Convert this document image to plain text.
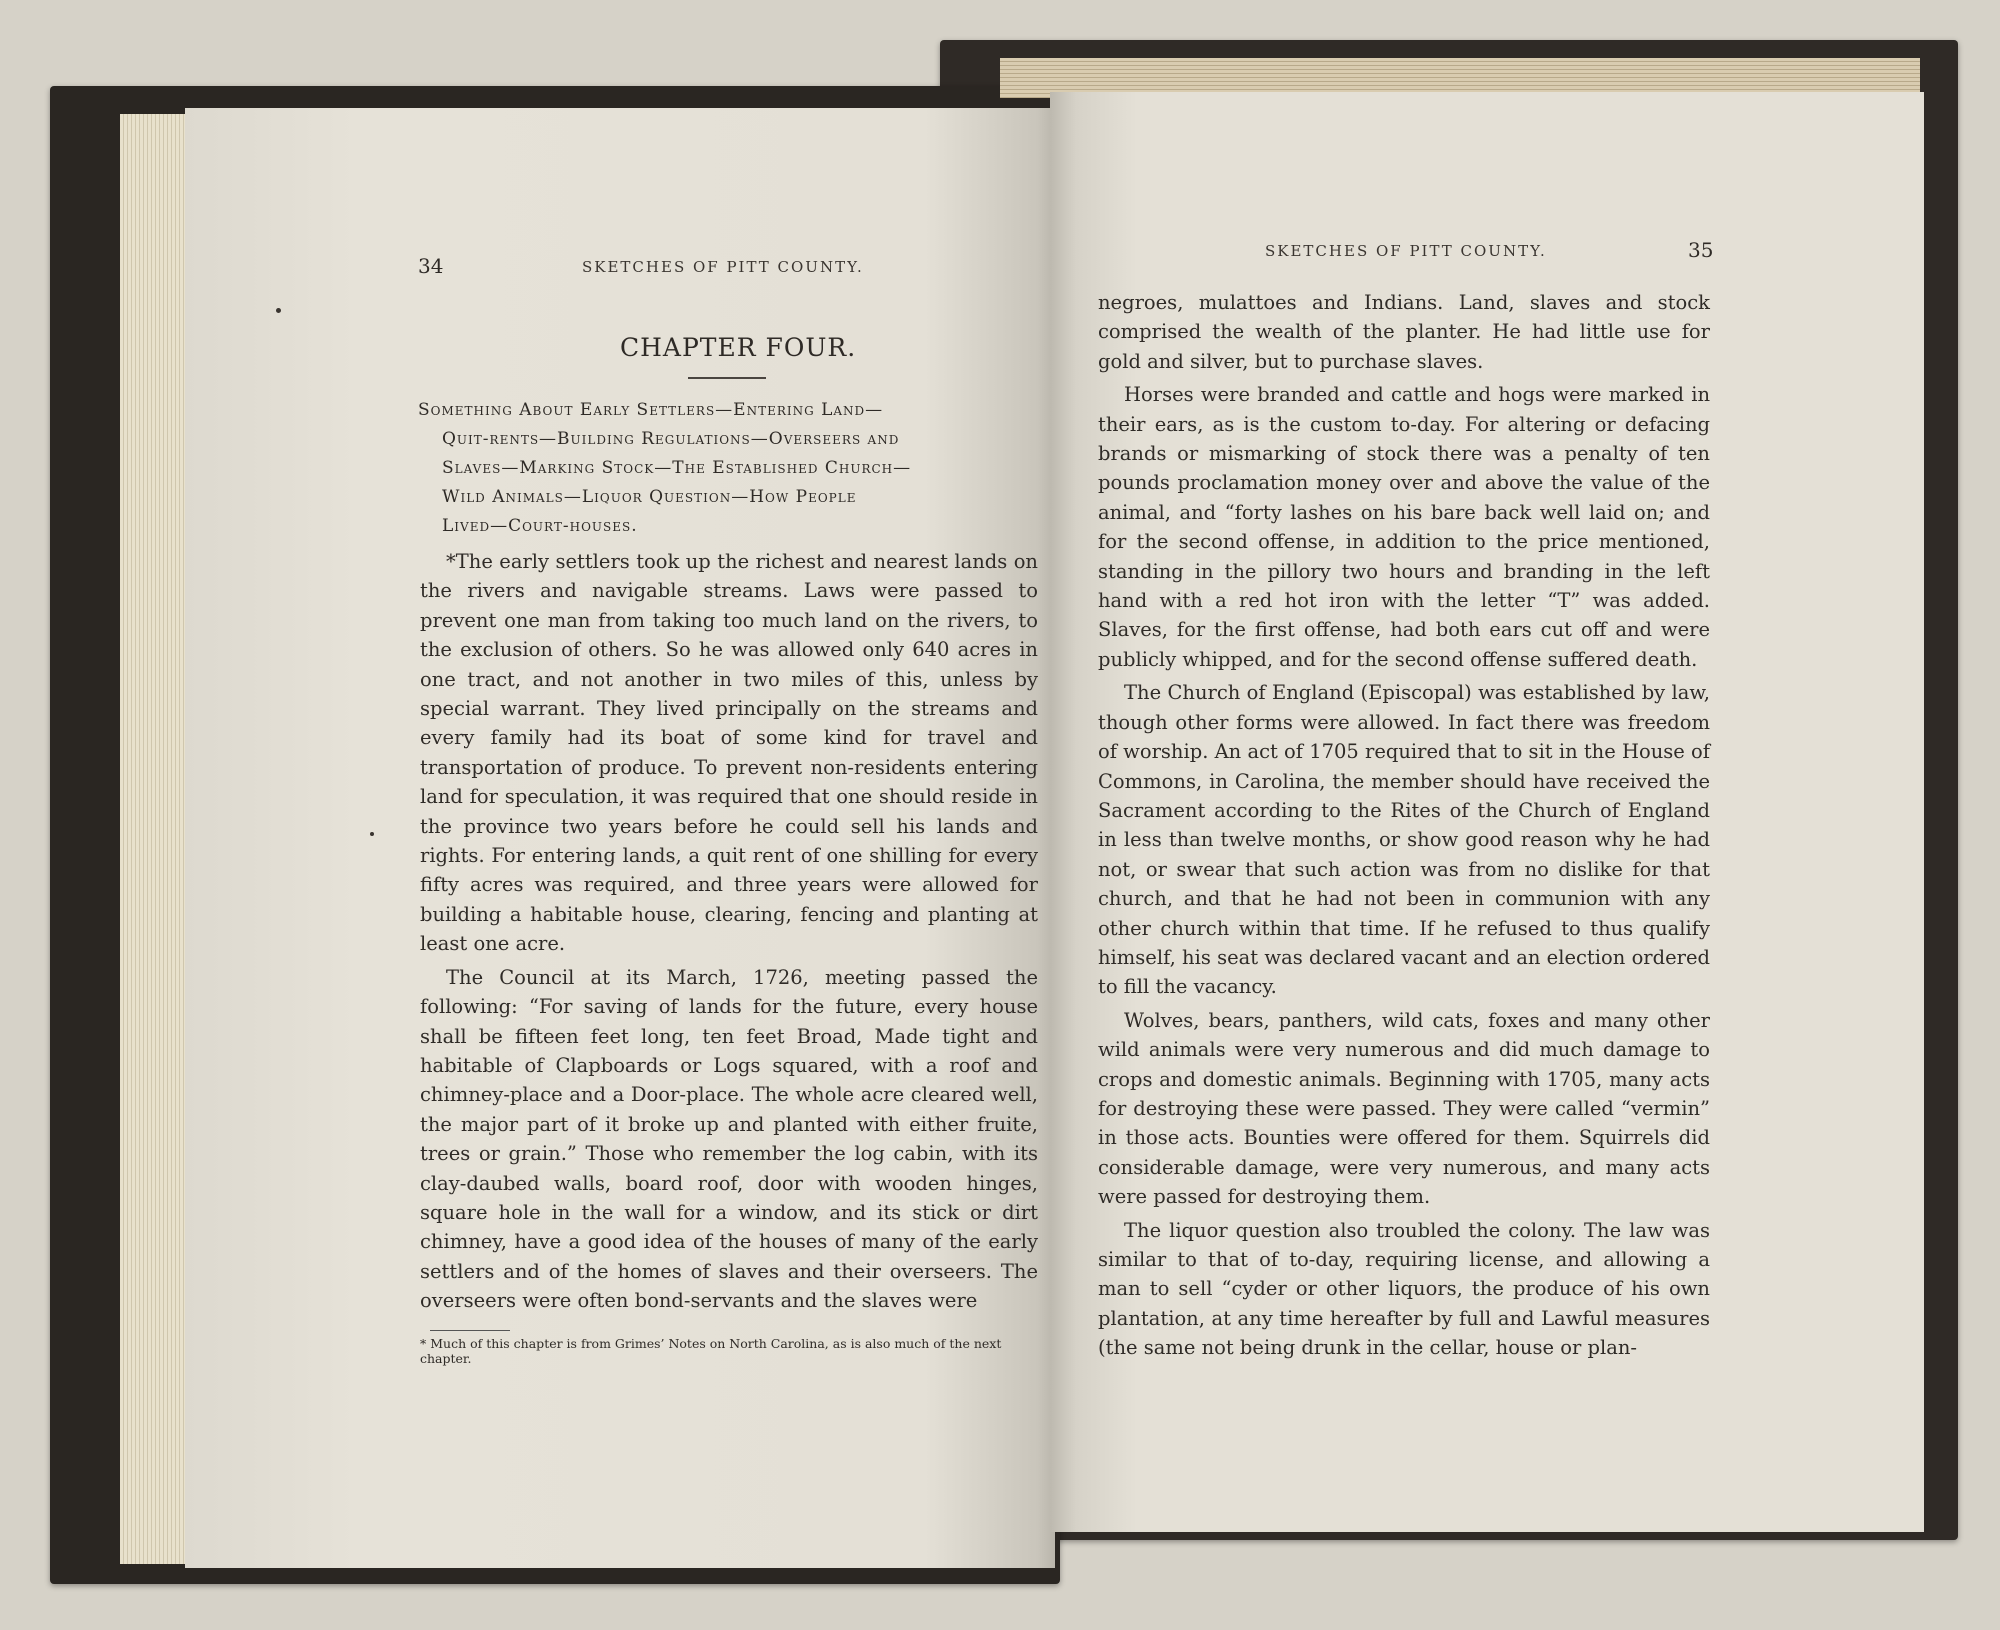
34	SKETCHES OF PITT COUNTY.
CHAPTER FOUR.
Something About Early Settlers—Entering Land—
Quit-rents—Building Regulations—Overseers and
Slaves—Marking Stock—The Established Church—
Wild Animals—Liquor Question—How People
Lived—Court-houses.

*The early settlers took up the richest and nearest lands on the rivers and navigable streams. Laws were passed to prevent one man from taking too much land on the rivers, to the exclusion of others. So he was allowed only 640 acres in one tract, and not another in two miles of this, unless by special warrant. They lived principally on the streams and every family had its boat of some kind for travel and transportation of produce. To prevent non-residents entering land for speculation, it was required that one should reside in the province two years before he could sell his lands and rights. For entering lands, a quit rent of one shilling for every fifty acres was required, and three years were allowed for building a habitable house, clearing, fencing and planting at least one acre.

The Council at its March, 1726, meeting passed the following: “For saving of lands for the future, every house shall be fifteen feet long, ten feet Broad, Made tight and habitable of Clapboards or Logs squared, with a roof and chimney-place and a Door-place. The whole acre cleared well, the major part of it broke up and planted with either fruite, trees or grain.” Those who remember the log cabin, with its clay-daubed walls, board roof, door with wooden hinges, square hole in the wall for a window, and its stick or dirt chimney, have a good idea of the houses of many of the early settlers and of the homes of slaves and their overseers. The overseers were often bond-servants and the slaves were

* Much of this chapter is from Grimes’ Notes on North Carolina, as is also much of the next chapter.
SKETCHES OF PITT COUNTY.	35

negroes, mulattoes and Indians. Land, slaves and stock comprised the wealth of the planter. He had little use for gold and silver, but to purchase slaves.

Horses were branded and cattle and hogs were marked in their ears, as is the custom to-day. For altering or defacing brands or mismarking of stock there was a penalty of ten pounds proclamation money over and above the value of the animal, and “forty lashes on his bare back well laid on; and for the second offense, in addition to the price mentioned, standing in the pillory two hours and branding in the left hand with a red hot iron with the letter “T” was added. Slaves, for the first offense, had both ears cut off and were publicly whipped, and for the second offense suffered death.

The Church of England (Episcopal) was established by law, though other forms were allowed. In fact there was freedom of worship. An act of 1705 required that to sit in the House of Commons, in Carolina, the member should have received the Sacrament according to the Rites of the Church of England in less than twelve months, or show good reason why he had not, or swear that such action was from no dislike for that church, and that he had not been in communion with any other church within that time. If he refused to thus qualify himself, his seat was declared vacant and an election ordered to fill the vacancy.

Wolves, bears, panthers, wild cats, foxes and many other wild animals were very numerous and did much damage to crops and domestic animals. Beginning with 1705, many acts for destroying these were passed. They were called “vermin” in those acts. Bounties were offered for them. Squirrels did considerable damage, were very numerous, and many acts were passed for destroying them.

The liquor question also troubled the colony. The law was similar to that of to-day, requiring license, and allowing a man to sell “cyder or other liquors, the produce of his own plantation, at any time hereafter by full and Lawful measures (the same not being drunk in the cellar, house or plan-
